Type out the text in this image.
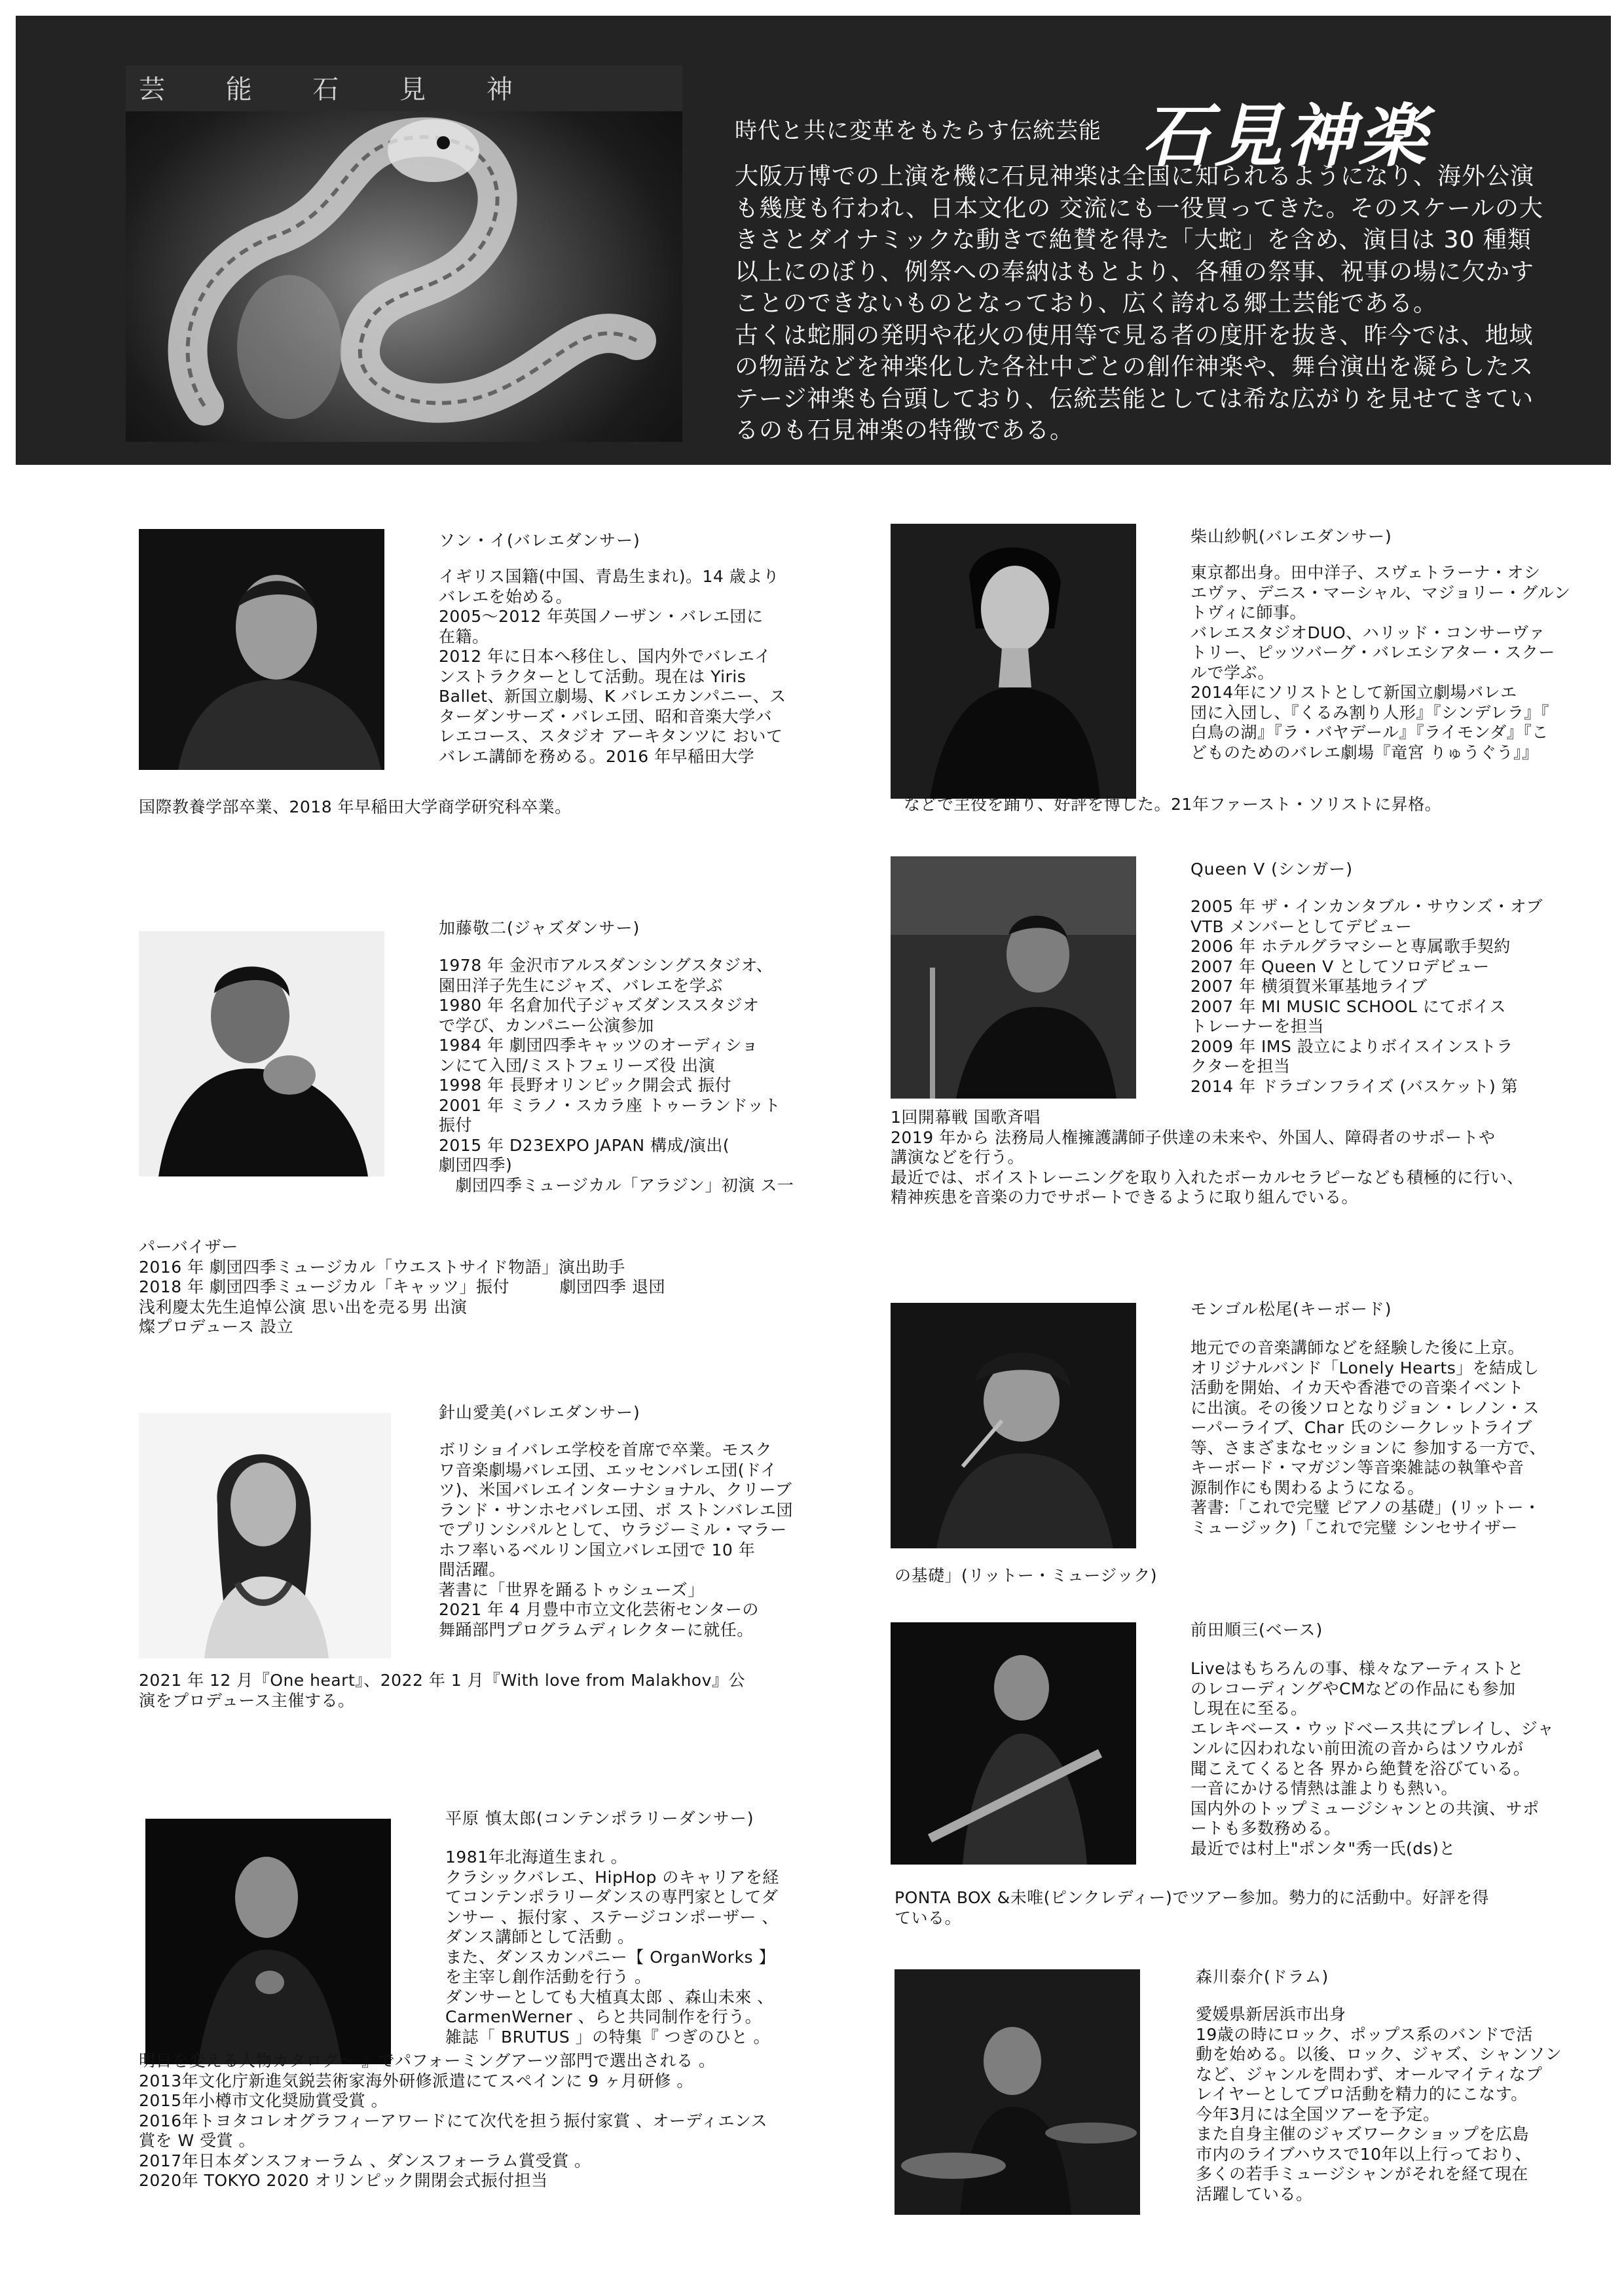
芸 能 石 見 神
時代と共に変革をもたらす伝統芸能 石見神楽

大阪万博での上演を機に石見神楽は全国に知られるようになり、海外公演も幾度も行われ、日本文化の 交流にも一役買ってきた。そのスケールの大きさとダイナミックな動きで絶賛を得た「大蛇」を含め、演目は 30 種類以上にのぼり、例祭への奉納はもとより、各種の祭事、祝事の場に欠かすことのできないものとなっており、広く誇れる郷土芸能である。

古くは蛇胴の発明や花火の使用等で見る者の度肝を抜き、昨今では、地域の物語などを神楽化した各社中ごとの創作神楽や、舞台演出を凝らしたステージ神楽も台頭しており、伝統芸能としては希な広がりを見せてきているのも石見神楽の特徴である。

ソン・イ(バレエダンサー)
イギリス国籍(中国、青島生まれ)。14 歳より
バレエを始める。
2005～2012 年英国ノーザン・バレエ団に
在籍。
2012 年に日本へ移住し、国内外でバレエイ
ンストラクターとして活動。現在は Yiris
Ballet、新国立劇場、K バレエカンパニー、ス
ターダンサーズ・バレエ団、昭和音楽大学バ
レエコース、スタジオ アーキタンツに おいて
バレエ講師を務める。2016 年早稲田大学
国際教養学部卒業、2018 年早稲田大学商学研究科卒業。
加藤敬二(ジャズダンサー)
1978 年 金沢市アルスダンシングスタジオ、
園田洋子先生にジャズ、バレエを学ぶ
1980 年 名倉加代子ジャズダンススタジオ
で学び、カンパニー公演参加
1984 年 劇団四季キャッツのオーディショ
ンにて入団/ミストフェリーズ役 出演
1998 年 長野オリンピック開会式 振付
2001 年 ミラノ・スカラ座 トゥーランドット
振付
2015 年 D23EXPO JAPAN 構成/演出(
劇団四季)
　劇団四季ミュージカル「アラジン」初演 ス一
パーバイザー
2016 年 劇団四季ミュージカル「ウエストサイド物語」演出助手
2018 年 劇団四季ミュージカル「キャッツ」振付　　　劇団四季 退団
浅利慶太先生追悼公演 思い出を売る男 出演
燦プロデュース 設立
針山愛美(バレエダンサー)
ボリショイバレエ学校を首席で卒業。モスク
ワ音楽劇場バレエ団、エッセンバレエ団(ドイ
ツ)、米国バレエインターナショナル、クリーブ
ランド・サンホセバレエ団、ボ ストンバレエ団
でプリンシパルとして、ウラジーミル・マラー
ホフ率いるベルリン国立バレエ団で 10 年
間活躍。
著書に「世界を踊るトゥシューズ」
2021 年 4 月豊中市立文化芸術センターの
舞踊部門プログラムディレクターに就任。
2021 年 12 月『One heart』、2022 年 1 月『With love from Malakhov』公
演をプロデュース主催する。
平原 慎太郎(コンテンポラリーダンサー)
1981年北海道生まれ 。
クラシックバレエ、HipHop のキャリアを経
てコンテンポラリーダンスの専門家としてダ
ンサー 、振付家 、ステージコンポーザー 、
ダンス講師として活動 。
また、ダンスカンパニー【 OrganWorks 】
を主宰し創作活動を行う 。
ダンサーとしても大植真太郎 、森山未來 、
CarmenWerner 、らと共同制作を行う。
雑誌「 BRUTUS 」の特集『 つぎのひと 。
明日を変える人物カタログ～ 』でパフォーミングアーツ部門で選出される 。
2013年文化庁新進気鋭芸術家海外研修派遣にてスペインに 9 ヶ月研修 。
2015年小樽市文化奨励賞受賞 。
2016年トヨタコレオグラフィーアワードにて次代を担う振付家賞 、オーディエンス
賞を W 受賞 。
2017年日本ダンスフォーラム 、ダンスフォーラム賞受賞 。
2020年 TOKYO 2020 オリンピック開閉会式振付担当
柴山紗帆(バレエダンサー)
東京都出身。田中洋子、スヴェトラーナ・オシ
エヴァ、デニス・マーシャル、マジョリー・グルン
トヴィに師事。
バレエスタジオDUO、ハリッド・コンサーヴァ
トリー、ピッツバーグ・バレエシアター・スクー
ルで学ぶ。
2014年にソリストとして新国立劇場バレエ
団に入団し、『くるみ割り人形』『シンデレラ』『
白鳥の湖』『ラ・バヤデール』『ライモンダ』『こ
どものためのバレエ劇場『竜宮 りゅうぐう』』
などで主役を踊り、好評を博した。21年ファースト・ソリストに昇格。
Queen V (シンガー)
2005 年 ザ・インカンタブル・サウンズ・オブ
VTB メンバーとしてデビュー
2006 年 ホテルグラマシーと専属歌手契約
2007 年 Queen V としてソロデビュー
2007 年 横須賀米軍基地ライブ
2007 年 MI MUSIC SCHOOL にてボイス
トレーナーを担当
2009 年 IMS 設立によりボイスインストラ
クターを担当
2014 年 ドラゴンフライズ (バスケット) 第
1回開幕戦 国歌斉唱
2019 年から 法務局人権擁護講師子供達の未来や、外国人、障碍者のサポートや
講演などを行う。
最近では、ボイストレーニングを取り入れたボーカルセラピーなども積極的に行い、
精神疾患を音楽の力でサポートできるように取り組んでいる。
モンゴル松尾(キーボード)
地元での音楽講師などを経験した後に上京。
オリジナルバンド「Lonely Hearts」を結成し
活動を開始、イカ天や香港での音楽イベント
に出演。その後ソロとなりジョン・レノン・ス
ーパーライブ、Char 氏のシークレットライブ
等、さまざまなセッションに 参加する一方で、
キーボード・マガジン等音楽雑誌の執筆や音
源制作にも関わるようになる。
著書:「これで完璧 ピアノの基礎」(リットー・
ミュージック)「これで完璧 シンセサイザー
の基礎」(リットー・ミュージック)
前田順三(ベース)
Liveはもちろんの事、様々なアーティストと
のレコーディングやCMなどの作品にも参加
し現在に至る。
エレキベース・ウッドベース共にプレイし、ジャ
ンルに囚われない前田流の音からはソウルが
聞こえてくると各 界から絶賛を浴びている。
一音にかける情熱は誰よりも熱い。
国内外のトップミュージシャンとの共演、サポ
ートも多数務める。
最近では村上"ポンタ"秀一氏(ds)と
PONTA BOX &未唯(ピンクレディー)でツアー参加。勢力的に活動中。好評を得
ている。
森川泰介(ドラム)
愛媛県新居浜市出身
19歳の時にロック、ポップス系のバンドで活
動を始める。以後、ロック、ジャズ、シャンソン
など、ジャンルを問わず、オールマイティなプ
レイヤーとしてプロ活動を精力的にこなす。
今年3月には全国ツアーを予定。
また自身主催のジャズワークショップを広島
市内のライブハウスで10年以上行っており、
多くの若手ミュージシャンがそれを経て現在
活躍している。
